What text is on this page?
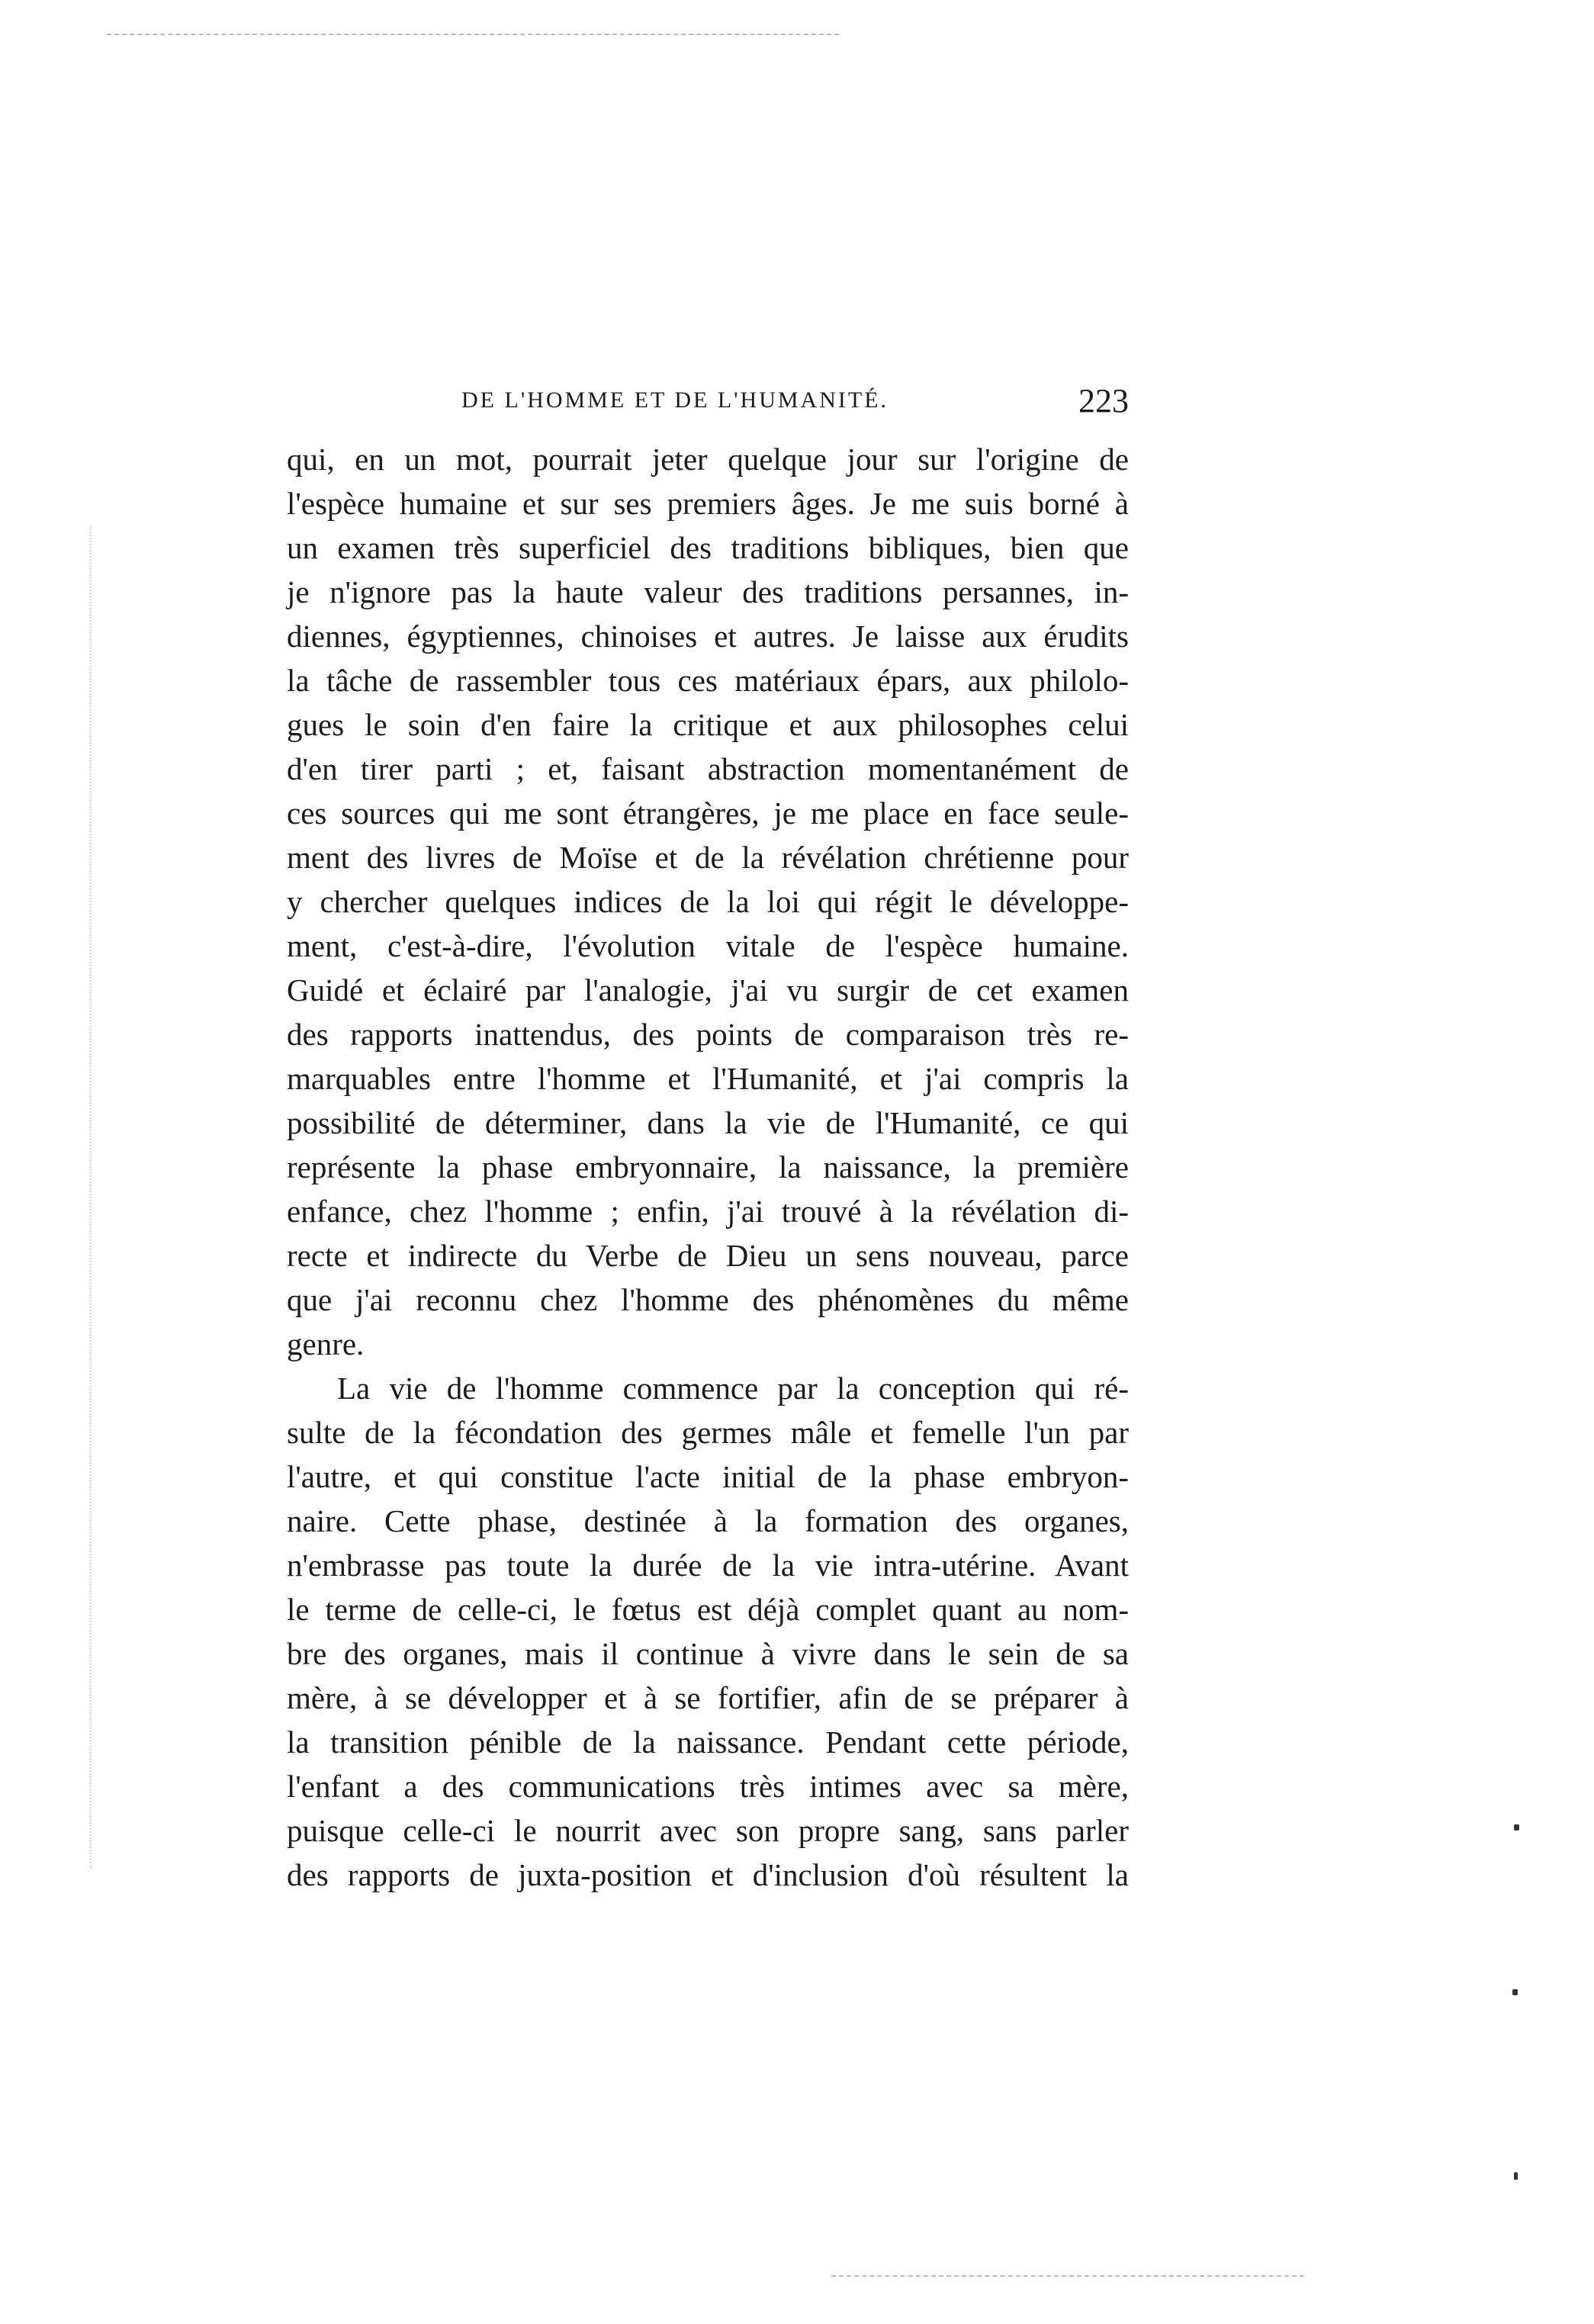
DE L'HOMME ET DE L'HUMANITÉ.	223
qui, en un mot, pourrait jeter quelque jour sur l'origine de
l'espèce humaine et sur ses premiers âges. Je me suis borné à
un examen très superficiel des traditions bibliques, bien que
je n'ignore pas la haute valeur des traditions persannes, in-
diennes, égyptiennes, chinoises et autres. Je laisse aux érudits
la tâche de rassembler tous ces matériaux épars, aux philolo-
gues le soin d'en faire la critique et aux philosophes celui
d'en tirer parti ; et, faisant abstraction momentanément de
ces sources qui me sont étrangères, je me place en face seule-
ment des livres de Moïse et de la révélation chrétienne pour
y chercher quelques indices de la loi qui régit le développe-
ment, c'est-à-dire, l'évolution vitale de l'espèce humaine.
Guidé et éclairé par l'analogie, j'ai vu surgir de cet examen
des rapports inattendus, des points de comparaison très re-
marquables entre l'homme et l'Humanité, et j'ai compris la
possibilité de déterminer, dans la vie de l'Humanité, ce qui
représente la phase embryonnaire, la naissance, la première
enfance, chez l'homme ; enfin, j'ai trouvé à la révélation di-
recte et indirecte du Verbe de Dieu un sens nouveau, parce
que j'ai reconnu chez l'homme des phénomènes du même
genre.
La vie de l'homme commence par la conception qui ré-
sulte de la fécondation des germes mâle et femelle l'un par
l'autre, et qui constitue l'acte initial de la phase embryon-
naire. Cette phase, destinée à la formation des organes,
n'embrasse pas toute la durée de la vie intra-utérine. Avant
le terme de celle-ci, le fœtus est déjà complet quant au nom-
bre des organes, mais il continue à vivre dans le sein de sa
mère, à se développer et à se fortifier, afin de se préparer à
la transition pénible de la naissance. Pendant cette période,
l'enfant a des communications très intimes avec sa mère,
puisque celle-ci le nourrit avec son propre sang, sans parler
des rapports de juxta-position et d'inclusion d'où résultent la
